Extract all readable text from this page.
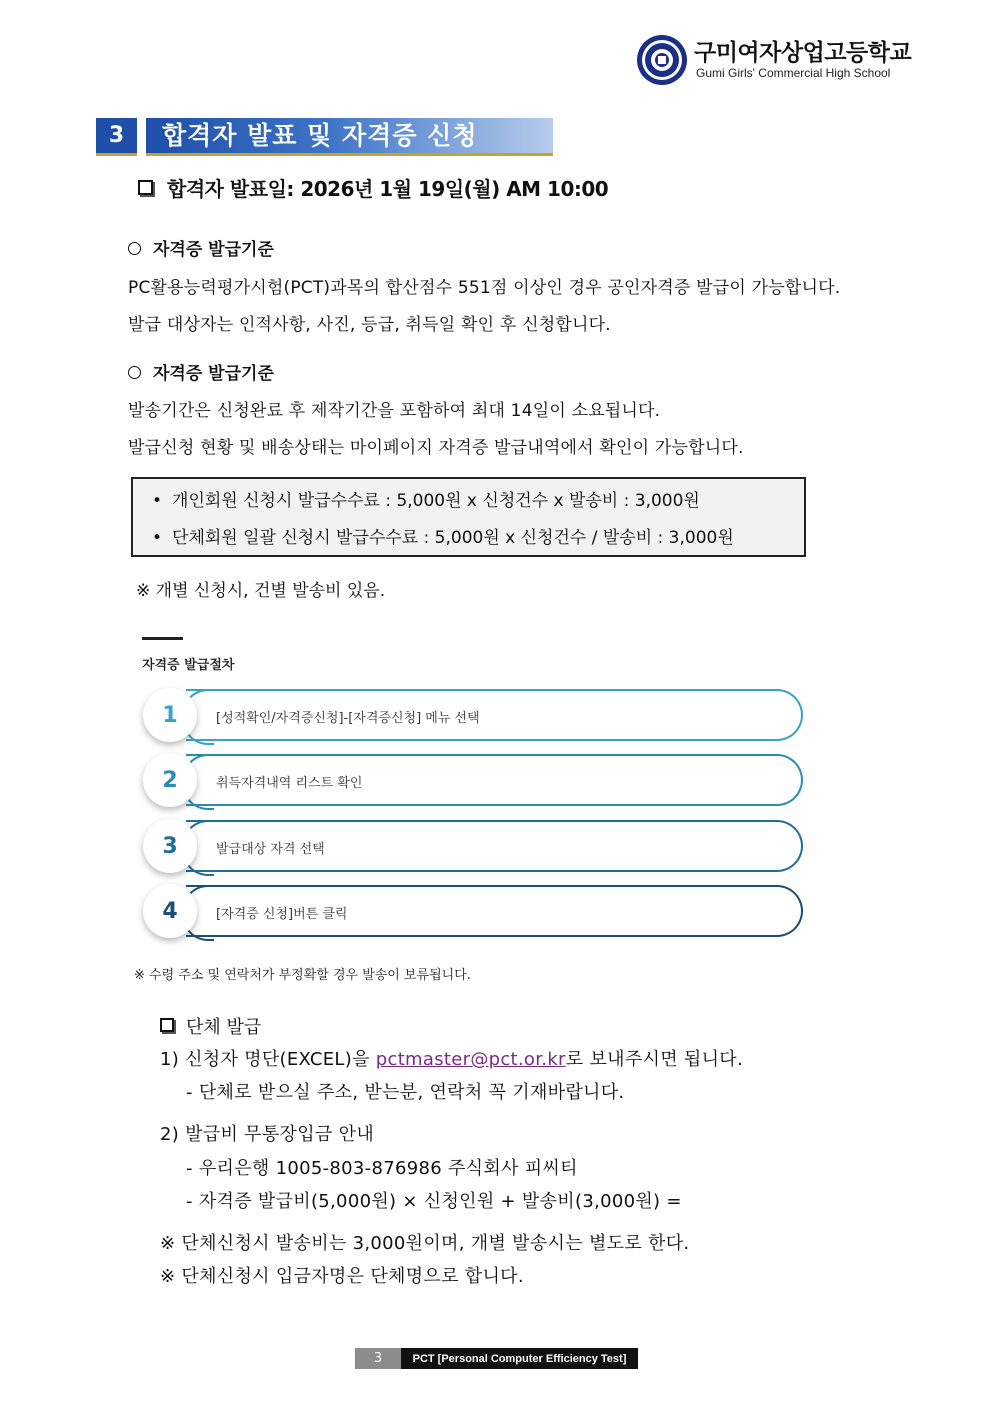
구미여자상업고등학교
Gumi Girls' Commercial High School
3	합격자 발표 및 자격증 신청
합격자 발표일: 2026년 1월 19일(월) AM 10:00
자격증 발급기준
PC활용능력평가시험(PCT)과목의 합산점수 551점 이상인 경우 공인자격증 발급이 가능합니다.
발급 대상자는 인적사항, 사진, 등급, 취득일 확인 후 신청합니다.
자격증 발급기준
발송기간은 신청완료 후 제작기간을 포함하여 최대 14일이 소요됩니다.
발급신청 현황 및 배송상태는 마이페이지 자격증 발급내역에서 확인이 가능합니다.
• 개인회원 신청시 발급수수료 : 5,000원 x 신청건수 x 발송비 : 3,000원
• 단체회원 일괄 신청시 발급수수료 : 5,000원 x 신청건수 / 발송비 : 3,000원
※ 개별 신청시, 건별 발송비 있음.
자격증 발급절차
1
2
3
4
[성적확인/자격증신청]-[자격증신청] 메뉴 선택
취득자격내역 리스트 확인
발급대상 자격 선택
[자격증 신청]버튼 클릭
※ 수령 주소 및 연락처가 부정확할 경우 발송이 보류됩니다.
단체 발급
1) 신청자 명단(EXCEL)을 pctmaster@pct.or.kr로 보내주시면 됩니다.
- 단체로 받으실 주소, 받는분, 연락처 꼭 기재바랍니다.
2) 발급비 무통장입금 안내
- 우리은행 1005-803-876986 주식회사 피씨티
- 자격증 발급비(5,000원) × 신청인원 + 발송비(3,000원) =
※ 단체신청시 발송비는 3,000원이며, 개별 발송시는 별도로 한다.
※ 단체신청시 입금자명은 단체명으로 합니다.
3	PCT [Personal Computer Efficiency Test]
